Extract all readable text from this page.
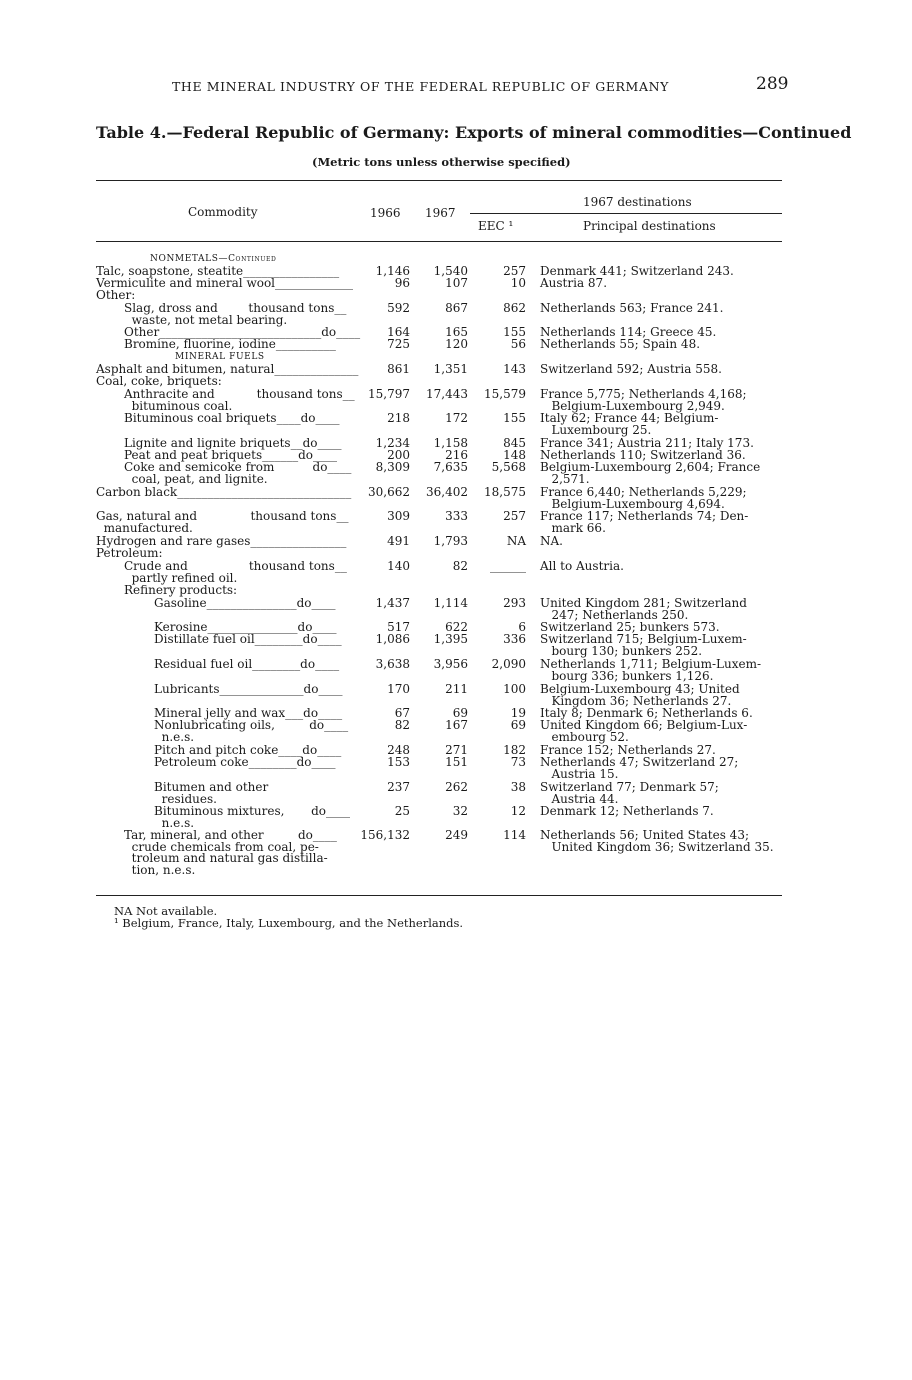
THE MINERAL INDUSTRY OF THE FEDERAL REPUBLIC OF GERMANY	289
Table 4.—Federal Republic of Germany: Exports of mineral commodities—Continued
(Metric tons unless otherwise specified)
Commodity	1966 1967
1967 destinations
EEC ¹	Principal destinations
NONMETALS—Continued
MINERAL FUELS
Talc, soapstone, steatite________________	1,146	1,540	257 Denmark 441; Switzerland 243.
Vermiculite and mineral wool_____________	96	107	10 Austria 87.
Other:
Slag, dross and        thousand tons__
waste, not metal bearing.
592	867	862 Netherlands 563; France 241.
Other___________________________do____	164	165	155 Netherlands 114; Greece 45.
Bromine, fluorine, iodine__________	725	120	56 Netherlands 55; Spain 48.
Asphalt and bitumen, natural______________	861	1,351	143 Switzerland 592; Austria 558.
Coal, coke, briquets:
Anthracite and           thousand tons__
bituminous coal.
15,797	17,443	15,579 France 5,775; Netherlands 4,168;
Belgium-Luxembourg 2,949.
Bituminous coal briquets____do____	218	172	155 Italy 62; France 44; Belgium-
Luxembourg 25.
Lignite and lignite briquets__do____	1,234	1,158	845 France 341; Austria 211; Italy 173.
Peat and peat briquets______do____	200	216	148 Netherlands 110; Switzerland 36.
Coke and semicoke from          do____
coal, peat, and lignite.
8,309	7,635	5,568 Belgium-Luxembourg 2,604; France
2,571.
Carbon black_____________________________	30,662	36,402	18,575 France 6,440; Netherlands 5,229;
Belgium-Luxembourg 4,694.
Gas, natural and              thousand tons__
manufactured.
309	333	257 France 117; Netherlands 74; Den-
mark 66.
Hydrogen and rare gases________________	491	1,793	NA NA.
Petroleum:
Crude and                thousand tons__
partly refined oil.
140	82	______ All to Austria.
Refinery products:
Gasoline_______________do____	1,437	1,114	293 United Kingdom 281; Switzerland
247; Netherlands 250.
Kerosine_______________do____	517	622	6 Switzerland 25; bunkers 573.
Distillate fuel oil________do____	1,086	1,395	336 Switzerland 715; Belgium-Luxem-
bourg 130; bunkers 252.
Residual fuel oil________do____	3,638	3,956	2,090 Netherlands 1,711; Belgium-Luxem-
bourg 336; bunkers 1,126.
Lubricants______________do____	170	211	100 Belgium-Luxembourg 43; United
Kingdom 36; Netherlands 27.
Mineral jelly and wax___do____	67	69	19 Italy 8; Denmark 6; Netherlands 6.
Nonlubricating oils,         do____
n.e.s.
82	167	69 United Kingdom 66; Belgium-Lux-
embourg 52.
Pitch and pitch coke____do____	248	271	182 France 152; Netherlands 27.
Petroleum coke________do____	153	151	73 Netherlands 47; Switzerland 27;
Austria 15.
Bitumen and other
residues.
237	262	38 Switzerland 77; Denmark 57;
Austria 44.
Bituminous mixtures,       do____
n.e.s.
25	32	12 Denmark 12; Netherlands 7.
Tar, mineral, and other         do____
crude chemicals from coal, pe-
troleum and natural gas distilla-
tion, n.e.s.
156,132	249	114 Netherlands 56; United States 43;
United Kingdom 36; Switzerland 35.
NA Not available.
¹ Belgium, France, Italy, Luxembourg, and the Netherlands.
